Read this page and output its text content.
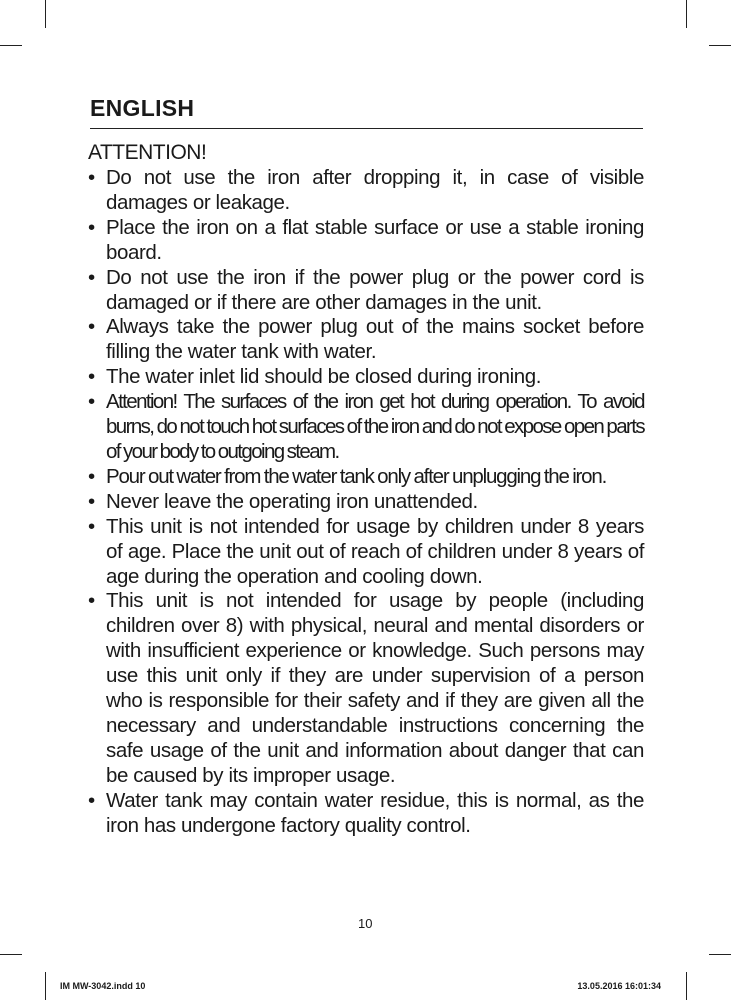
ENGLISH
ATTENTION!
• Do not use the iron after dropping it, in case of visible damages or leakage.
• Place the iron on a flat stable surface or use a stable ironing board.
• Do not use the iron if the power plug or the power cord is damaged or if there are other damages in the unit.
• Always take the power plug out of the mains socket before filling the water tank with water.
• The water inlet lid should be closed during ironing.
• Attention! The surfaces of the iron get hot during operation. To avoid burns, do not touch hot surfaces of the iron and do not expose open parts of your body to outgoing steam.
• Pour out water from the water tank only after unplugging the iron.
• Never leave the operating iron unattended.
• This unit is not intended for usage by children under 8 years of age. Place the unit out of reach of children under 8 years of age during the operation and cooling down.
• This unit is not intended for usage by people (including children over 8) with physical, neural and mental disorders or with insufficient experience or knowledge. Such persons may use this unit only if they are under supervision of a person who is responsible for their safety and if they are given all the necessary and understandable instructions concerning the safe usage of the unit and information about danger that can be caused by its improper usage.
• Water tank may contain water residue, this is normal, as the iron has undergone factory quality control.
10
IM MW-3042.indd 10	13.05.2016 16:01:34
